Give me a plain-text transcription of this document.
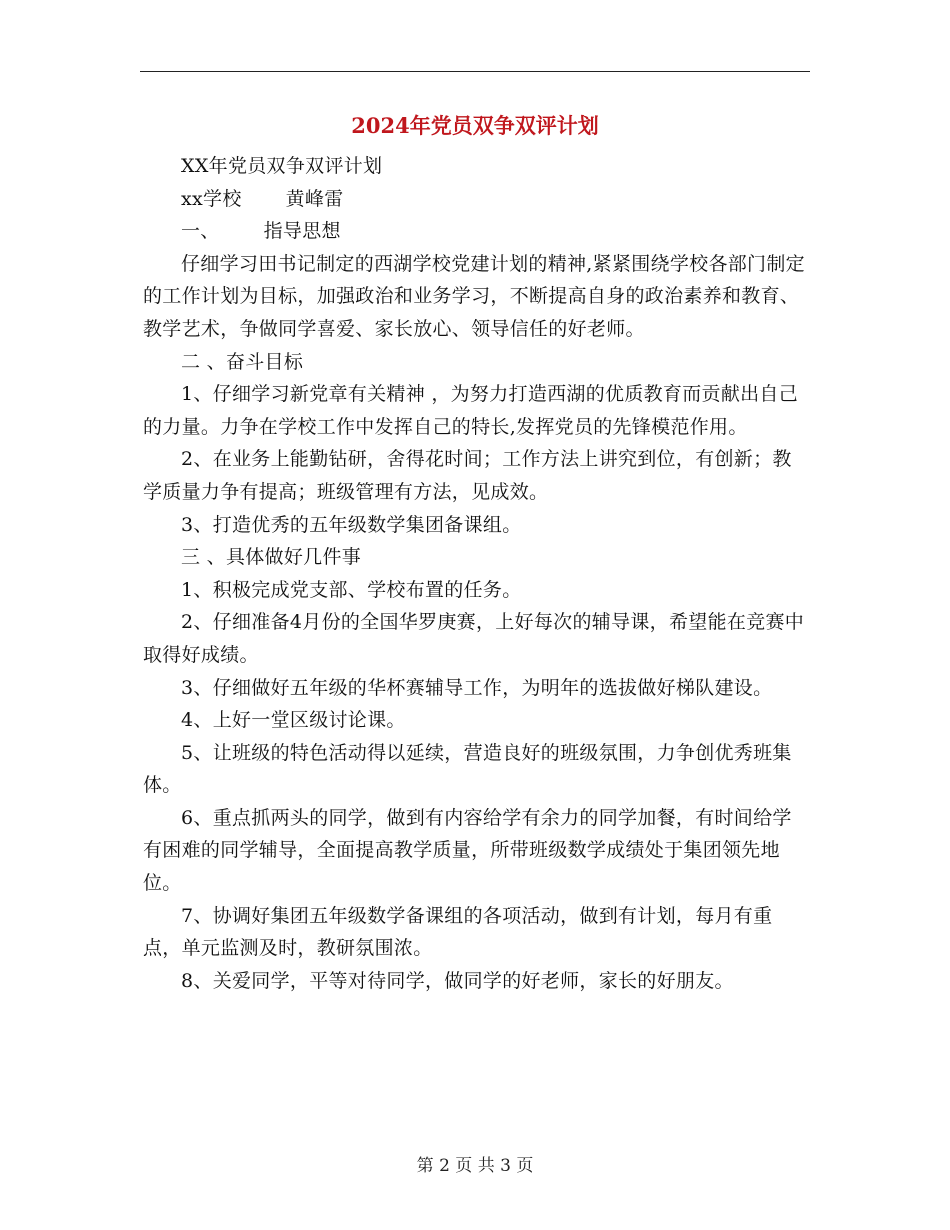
2024年党员双争双评计划

XX年党员双争双评计划

xx学校 黄峰雷

一、 指导思想

仔细学习田书记制定的西湖学校党建计划的精神,紧紧围绕学校各部门制定的工作计划为目标，加强政治和业务学习，不断提高自身的政治素养和教育、教学艺术，争做同学喜爱、家长放心、领导信任的好老师。

二 、奋斗目标

1、仔细学习新党章有关精神 ，为努力打造西湖的优质教育而贡献出自己的力量。力争在学校工作中发挥自己的特长,发挥党员的先锋模范作用。

2、在业务上能勤钻研，舍得花时间；工作方法上讲究到位，有创新；教学质量力争有提高；班级管理有方法，见成效。

3、打造优秀的五年级数学集团备课组。

三 、具体做好几件事

1、积极完成党支部、学校布置的任务。

2、仔细准备4月份的全国华罗庚赛，上好每次的辅导课，希望能在竞赛中取得好成绩。

3、仔细做好五年级的华杯赛辅导工作，为明年的选拔做好梯队建设。

4、上好一堂区级讨论课。

5、让班级的特色活动得以延续，营造良好的班级氛围，力争创优秀班集体。

6、重点抓两头的同学，做到有内容给学有余力的同学加餐，有时间给学有困难的同学辅导，全面提高教学质量，所带班级数学成绩处于集团领先地位。

7、协调好集团五年级数学备课组的各项活动，做到有计划，每月有重点，单元监测及时，教研氛围浓。

8、关爱同学，平等对待同学，做同学的好老师，家长的好朋友。

第 2 页 共 3 页
